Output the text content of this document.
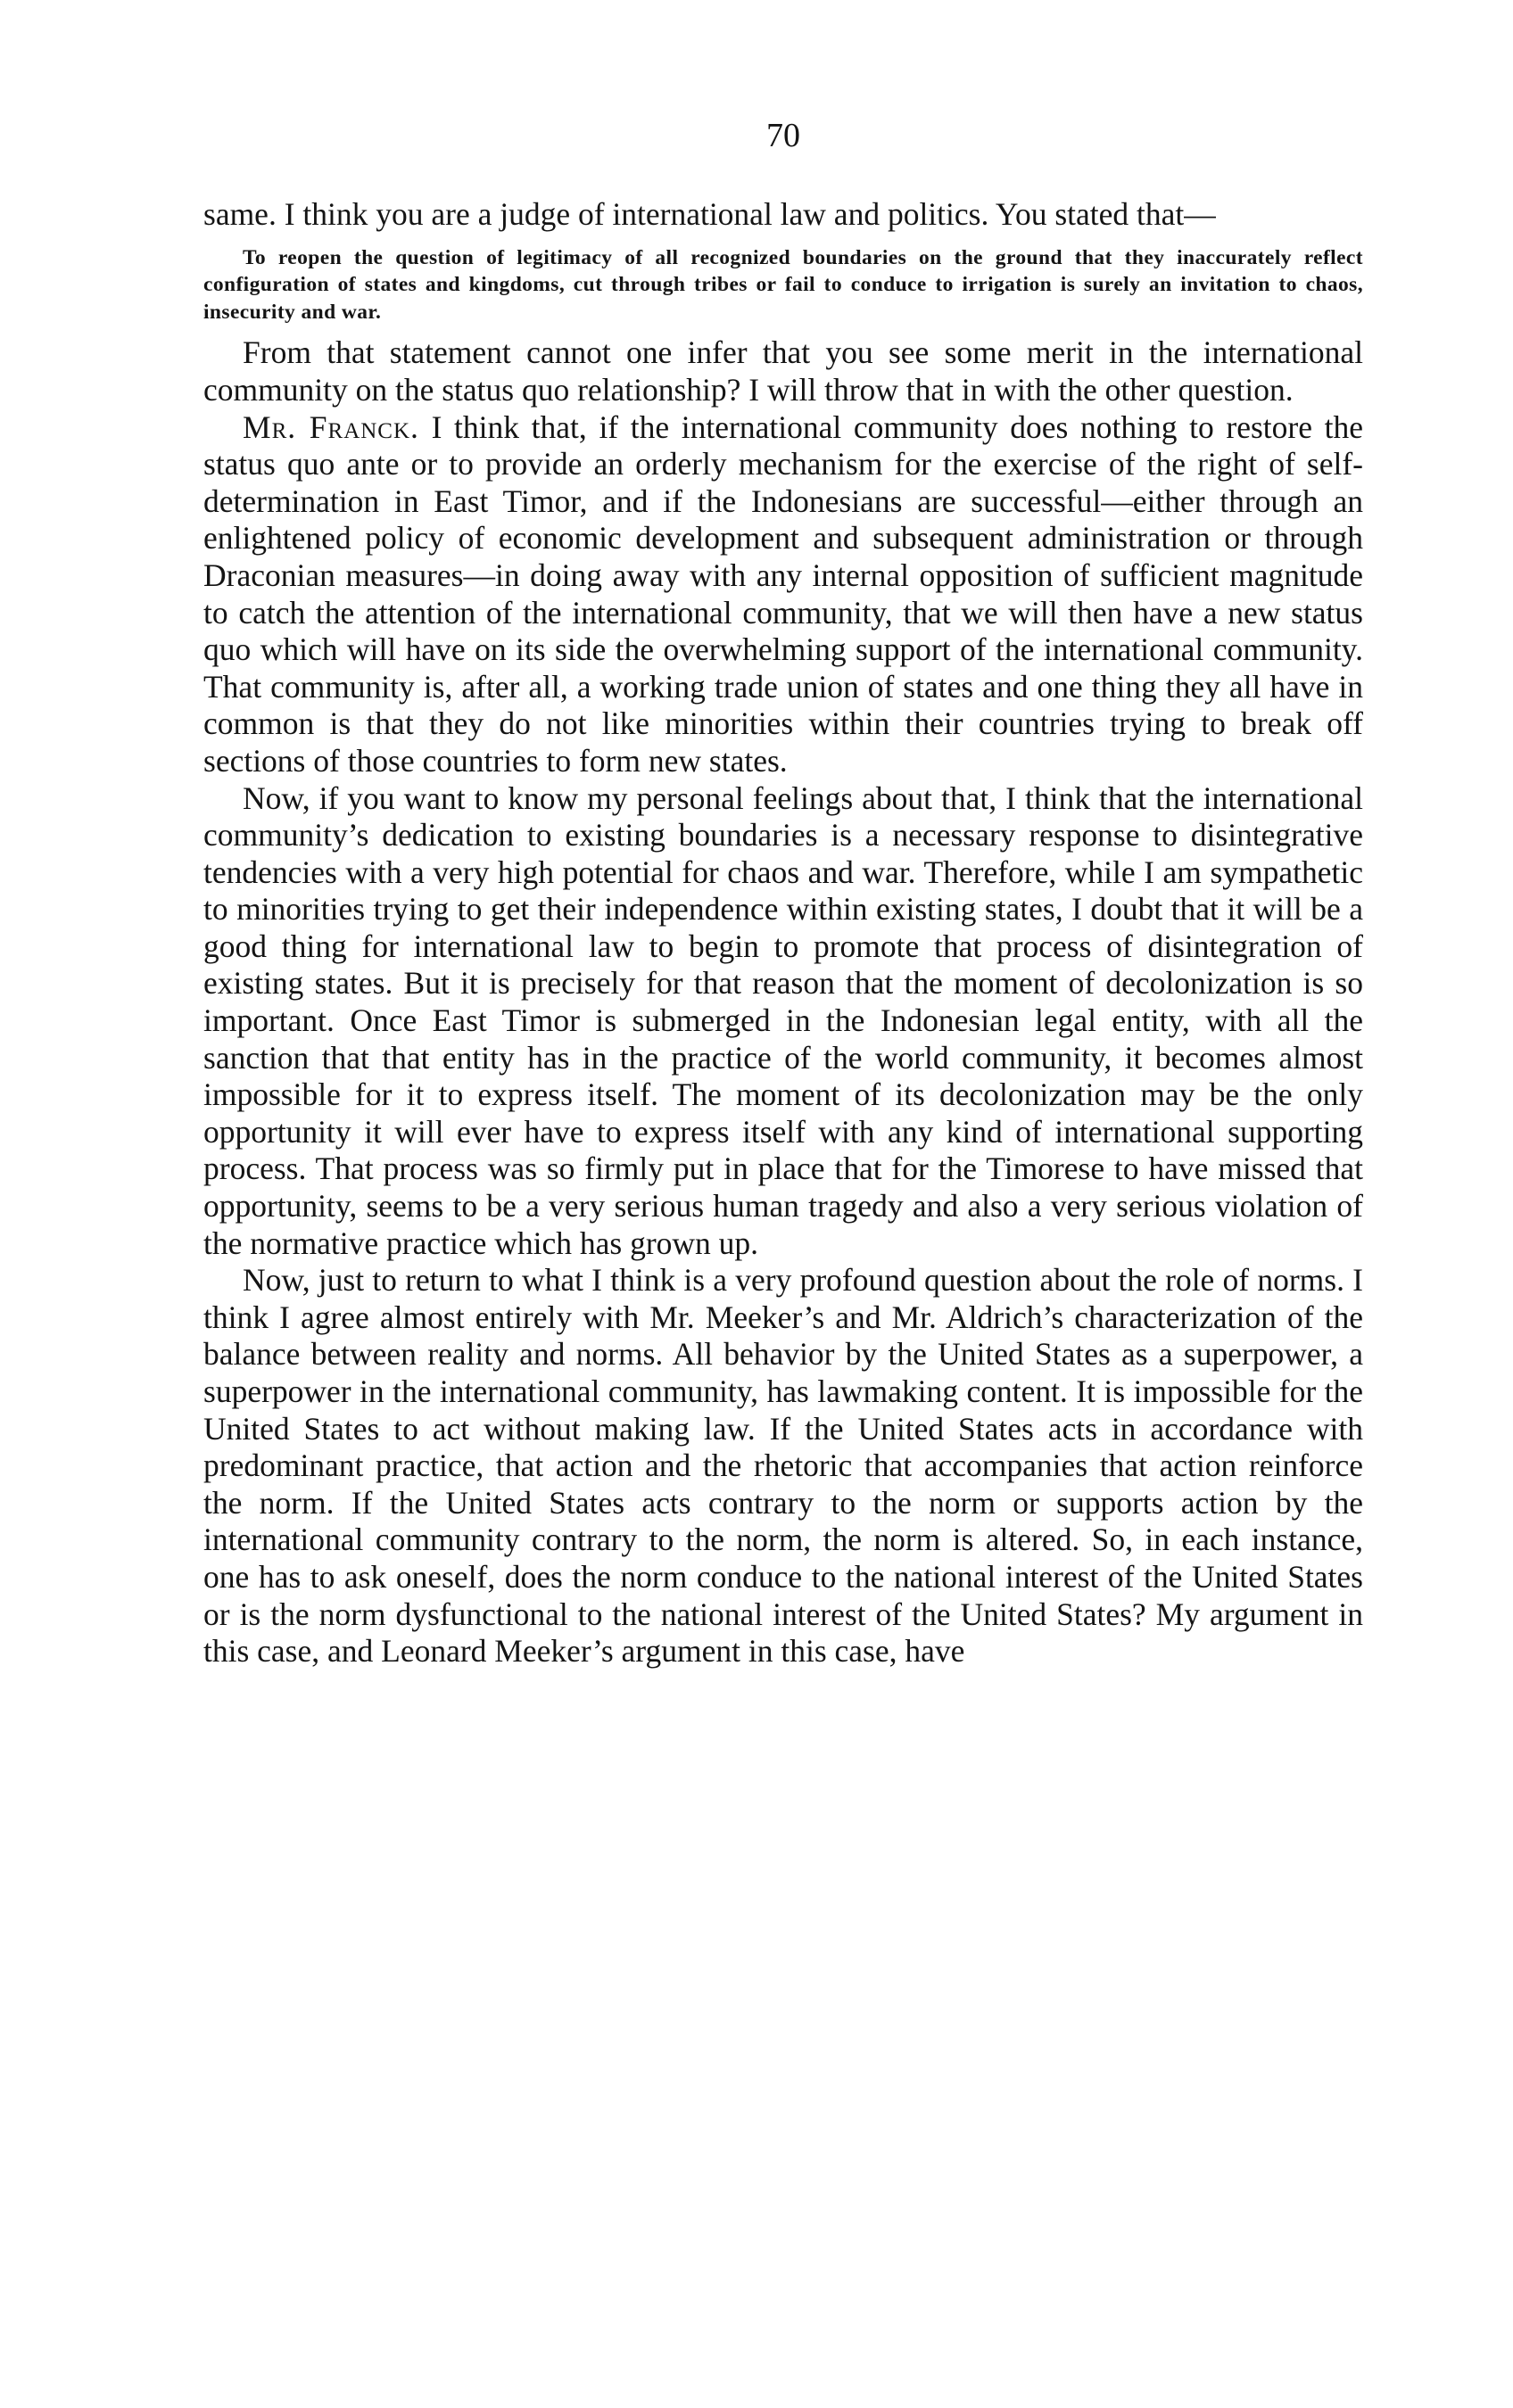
70

same. I think you are a judge of international law and politics. You stated that—

To reopen the question of legitimacy of all recognized boundaries on the ground that they inaccurately reflect configuration of states and kingdoms, cut through tribes or fail to conduce to irrigation is surely an invitation to chaos, insecurity and war.

From that statement cannot one infer that you see some merit in the international community on the status quo relationship? I will throw that in with the other question.

Mr. Franck. I think that, if the international community does nothing to restore the status quo ante or to provide an orderly mechanism for the exercise of the right of self-determination in East Timor, and if the Indonesians are successful—either through an enlightened policy of economic development and subsequent administration or through Draconian measures—in doing away with any internal opposition of sufficient magnitude to catch the attention of the international community, that we will then have a new status quo which will have on its side the overwhelming support of the international community. That community is, after all, a working trade union of states and one thing they all have in common is that they do not like minorities within their countries trying to break off sections of those countries to form new states.

Now, if you want to know my personal feelings about that, I think that the international community’s dedication to existing boundaries is a necessary response to disintegrative tendencies with a very high potential for chaos and war. Therefore, while I am sympathetic to minorities trying to get their independence within existing states, I doubt that it will be a good thing for international law to begin to promote that process of disintegration of existing states. But it is precisely for that reason that the moment of decolonization is so important. Once East Timor is submerged in the Indonesian legal entity, with all the sanction that that entity has in the practice of the world community, it becomes almost impossible for it to express itself. The moment of its decolonization may be the only opportunity it will ever have to express itself with any kind of international supporting process. That process was so firmly put in place that for the Timorese to have missed that opportunity, seems to be a very serious human tragedy and also a very serious violation of the normative practice which has grown up.

Now, just to return to what I think is a very profound question about the role of norms. I think I agree almost entirely with Mr. Meeker’s and Mr. Aldrich’s characterization of the balance between reality and norms. All behavior by the United States as a superpower, a superpower in the international community, has lawmaking content. It is impossible for the United States to act without making law. If the United States acts in accordance with predominant practice, that action and the rhetoric that accompanies that action reinforce the norm. If the United States acts contrary to the norm or supports action by the international community contrary to the norm, the norm is altered. So, in each instance, one has to ask oneself, does the norm conduce to the national interest of the United States or is the norm dysfunctional to the national interest of the United States? My argument in this case, and Leonard Meeker’s argument in this case, have
